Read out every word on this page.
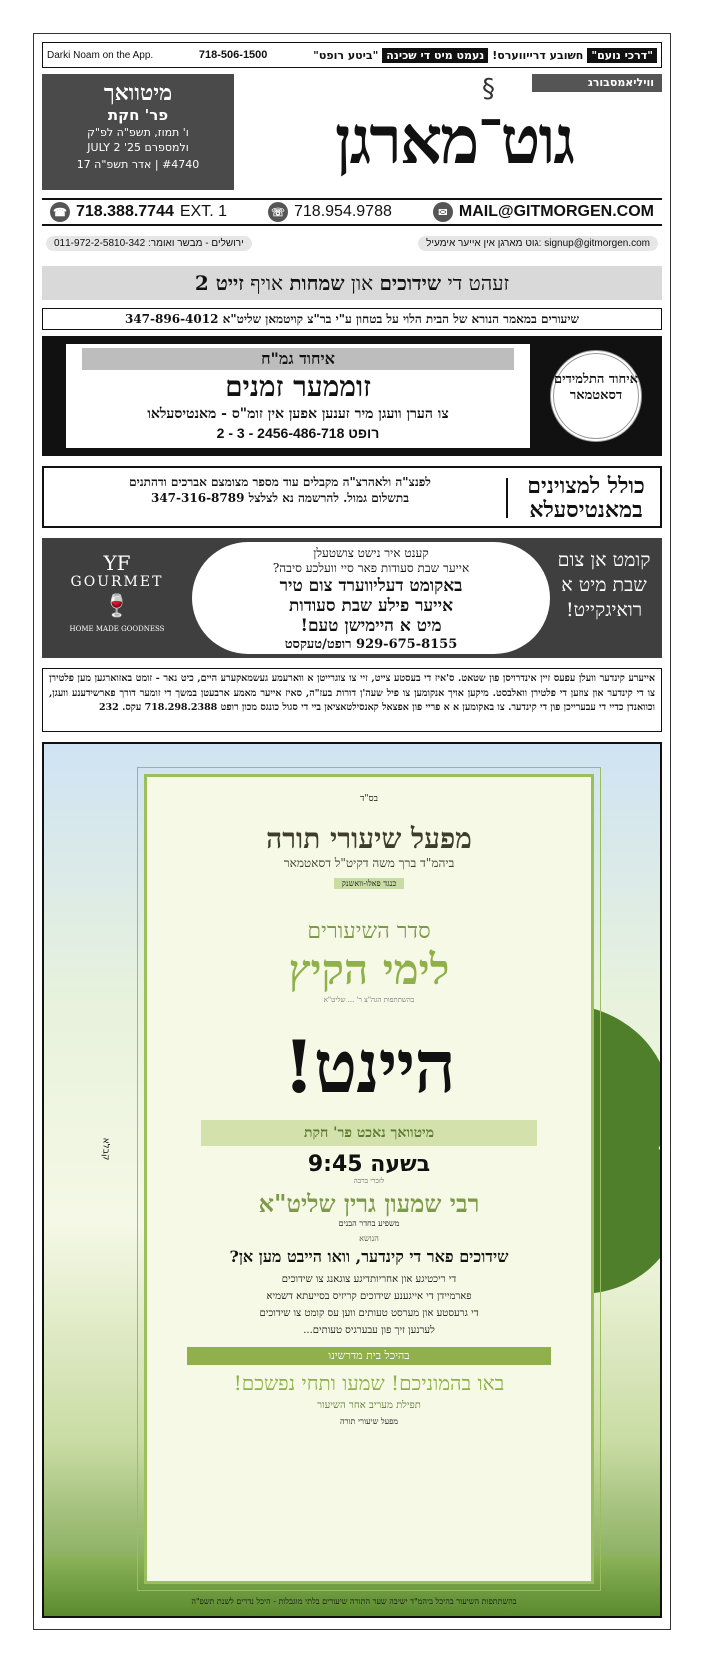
Darki Noam on the App.	718-506-1500	"דרכי נועם"
חשובע דרייווערס!
נעמט מיט די שכינה
"ביטע רופט"
מיטוואך
פר' חקת
ו' תמוז, תשפ"ה לפ"ק
ולמספרם JULY 2 '25
#4740 | אדר תשפ"ה 17
וויליאמסבורג
§
גוט־מארגן
☎ 718.388.7744 EXT. 1	☏ 718.954.9788	✉ MAIL@GITMORGEN.COM
signup@gitmorgen.com :גוט מארגן אין אייער אימעיל
ירושלים - מבשר ואומר: 011-972-2-5810-342
זעהט די שידוכים און שמחות אויף זייט 2
שיעורים במאמר הנורא של הבית הלוי על בטחון ע"י בר"צ קויטמאן שליט"א 347-896-4012
איחוד גמ"ח
זוממער זמנים
צו הערן וועגן מיר זענען אפען אין זומ"ס - מאנטיסעלאו
רופט 2456-486-718 - 3 - 2
איחוד התלמידים דסאטמאר
כולל למצוינים במאנטיסעלא
לפנצ"ה ולאהרצ"ה מקבלים עוד מספר מצומצם אברכים ודהתנים
בתשלום גמול. להרשמה נא לצלצל 347-316-8789
YF
GOURMET
🍷
HOME MADE GOODNESS
קענט איר נישט צושטעלן
אייער שבת סעודות פאר סיי וועלכע סיבה?
באקומט דעליווערד צום טיר
אייער פילע שבת סעודות
מיט א היימישן טעם!
929-675-8155 רופט/טעקסט
קומט אן צום שבת מיט א רואיגקייט!
אייערע קינדער וועלן עפעס זיין אינדרויסן פון שטאט. ס'איז די בעסטע צייט, זיי צו צוגרייטן א ווארעמע געשמאקערע היים, כיט נאר - זומט באזוארגען מען פלטירן צו די קינדער און צוזען די פלטירן וואלבסט. מיקען אויך אנקומען צו פיל שעה'ן דורות בעז"ה, סאיז אייער מאמע ארבעטן במשך די זומער דורך פארשידענע וועגן, וכוואנדן כדיי די עבערייכן פון די קינדער. צו באקומען א א פריי פון אפצאל קאנסילטאציאן ביי די סגול כונגס מכון רופט 718.298.2388 עקס. 232
בס"ד
מפעל שיעורי תורה
ביהמ"ד ברך משה דקיט"ל דסאטמאר
כנגד פאלו-וואשנק
סדר השיעורים
לימי הקיץ
בהשתתפות הגה"צ ר' ... שליט"א
היינט!
מיטוואך נאכט פר' חקת
בשעה 9:45
לזכרי ברכה
רבי שמעון גרין שליט"א
משפיע בחדר הבנים
הנושא
שידוכים פאר די קינדער, וואו הייבט מען אן?
די ריכטיגע און אחריותדיגע צוגאנג צו שידוכים
פארמיידן די אייגענע שידוכים קריזיס בסייעתא דשמיא
די גרעסטע און מערסט טעותים ווען עס קומט צו שידוכים
לערנען זיך פון עבערגיס טעותים...
בהיכל בית מדרשינו
באו בהמוניכם! שמעו ותחי נפשכם!
תפילת מעריב אחר השיעור
מפעל שיעורי תורה
קבלא
בהשתתפות השיעור בהיכל ביהמ"ד ישיבה שער התורה שיעורים בלתי מוגבלות - היכל נדרים לשנת תשפ"ה
